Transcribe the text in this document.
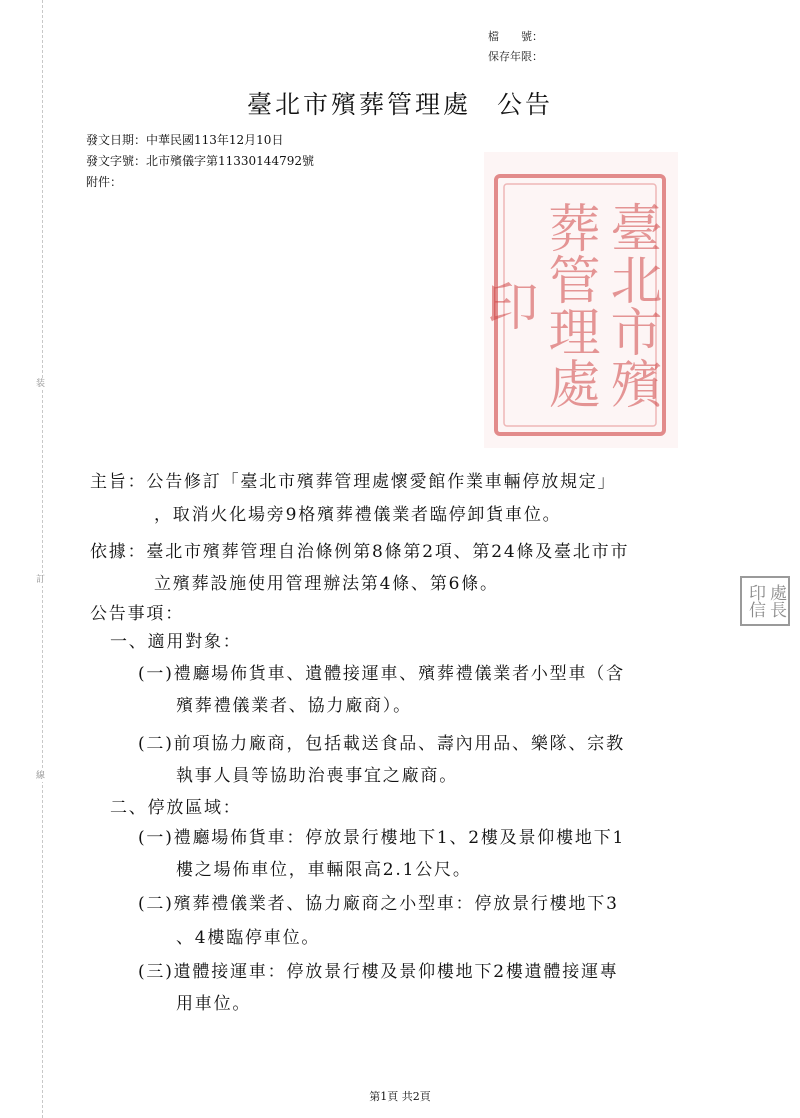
装
訂
線
檔　　號：
保存年限：
臺北市殯葬管理處 公告
發文日期：中華民國113年12月10日
發文字號：北市殯儀字第11330144792號
附件：
臺北市殯葬管理處印
處長印信
主旨：公告修訂「臺北市殯葬管理處懷愛館作業車輛停放規定」
，取消火化場旁9格殯葬禮儀業者臨停卸貨車位。
依據：臺北市殯葬管理自治條例第8條第2項、第24條及臺北市市
立殯葬設施使用管理辦法第4條、第6條。
公告事項：
一、適用對象：
(一)禮廳場佈貨車、遺體接運車、殯葬禮儀業者小型車（含
殯葬禮儀業者、協力廠商）。
(二)前項協力廠商，包括載送食品、壽內用品、樂隊、宗教
執事人員等協助治喪事宜之廠商。
二、停放區域：
(一)禮廳場佈貨車：停放景行樓地下1、2樓及景仰樓地下1
樓之場佈車位，車輛限高2.1公尺。
(二)殯葬禮儀業者、協力廠商之小型車：停放景行樓地下3
、4樓臨停車位。
(三)遺體接運車：停放景行樓及景仰樓地下2樓遺體接運專
用車位。
第1頁 共2頁
